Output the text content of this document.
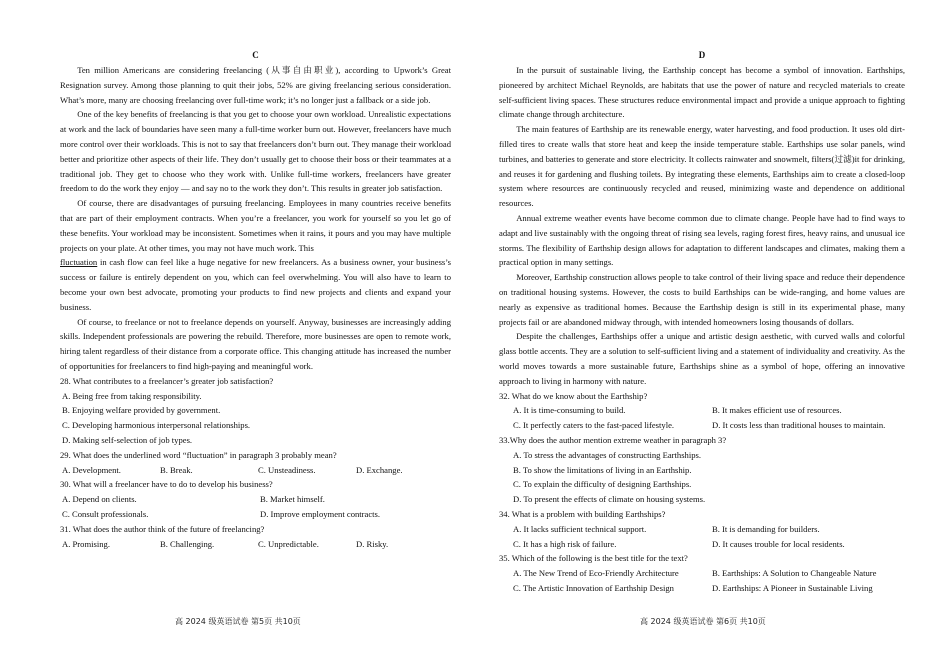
C

Ten million Americans are considering freelancing (从事自由职业), according to Upwork’s Great Resignation survey. Among those planning to quit their jobs, 52% are giving freelancing serious consideration. What’s more, many are choosing freelancing over full-time work; it’s no longer just a fallback or a side job.

One of the key benefits of freelancing is that you get to choose your own workload. Unrealistic expectations at work and the lack of boundaries have seen many a full-time worker burn out. However, freelancers have much more control over their workloads. This is not to say that freelancers don’t burn out. They manage their workload better and prioritize other aspects of their life. They don’t usually get to choose their boss or their teammates at a traditional job. They get to choose who they work with. Unlike full-time workers, freelancers have greater freedom to do the work they enjoy — and say no to the work they don’t. This results in greater job satisfaction.

Of course, there are disadvantages of pursuing freelancing. Employees in many countries receive benefits that are part of their employment contracts. When you’re a freelancer, you work for yourself so you let go of these benefits. Your workload may be inconsistent. Sometimes when it rains, it pours and you may have multiple projects on your plate. At other times, you may not have much work. This

fluctuation in cash flow can feel like a huge negative for new freelancers. As a business owner, your business’s success or failure is entirely dependent on you, which can feel overwhelming. You will also have to learn to become your own best advocate, promoting your products to find new projects and clients and expand your business.

Of course, to freelance or not to freelance depends on yourself. Anyway, businesses are increasingly adding skills. Independent professionals are powering the rebuild. Therefore, more businesses are open to remote work, hiring talent regardless of their distance from a corporate office. This changing attitude has increased the number of opportunities for freelancers to find high-paying and meaningful work.

28. What contributes to a freelancer’s greater job satisfaction?
A. Being free from taking responsibility.
B. Enjoying welfare provided by government.
C. Developing harmonious interpersonal relationships.
D. Making self-selection of job types.
29. What does the underlined word “fluctuation” in paragraph 3 probably mean?
A. Development.	B. Break.	C. Unsteadiness.	D. Exchange.
30. What will a freelancer have to do to develop his business?
A. Depend on clients.	B. Market himself.
C. Consult professionals.	D. Improve employment contracts.
31. What does the author think of the future of freelancing?
A. Promising.	B. Challenging.	C. Unpredictable.	D. Risky.
D

In the pursuit of sustainable living, the Earthship concept has become a symbol of innovation. Earthships, pioneered by architect Michael Reynolds, are habitats that use the power of nature and recycled materials to create self-sufficient living spaces. These structures reduce environmental impact and provide a unique approach to fighting climate change through architecture.

The main features of Earthship are its renewable energy, water harvesting, and food production. It uses old dirt-filled tires to create walls that store heat and keep the inside temperature stable. Earthships use solar panels, wind turbines, and batteries to generate and store electricity. It collects rainwater and snowmelt, filters(过滤)it for drinking, and reuses it for gardening and flushing toilets. By integrating these elements, Earthships aim to create a closed-loop system where resources are continuously recycled and reused, minimizing waste and dependence on additional resources.

Annual extreme weather events have become common due to climate change. People have had to find ways to adapt and live sustainably with the ongoing threat of rising sea levels, raging forest fires, heavy rains, and unusual ice storms. The flexibility of Earthship design allows for adaptation to different landscapes and climates, making them a practical option in many settings.

Moreover, Earthship construction allows people to take control of their living space and reduce their dependence on traditional housing systems. However, the costs to build Earthships can be wide-ranging, and home values are nearly as expensive as traditional homes. Because the Earthship design is still in its experimental phase, many projects fail or are abandoned midway through, with intended homeowners losing thousands of dollars.

Despite the challenges, Earthships offer a unique and artistic design aesthetic, with curved walls and colorful glass bottle accents. They are a solution to self-sufficient living and a statement of individuality and creativity. As the world moves towards a more sustainable future, Earthships shine as a symbol of hope, offering an innovative approach to living in harmony with nature.

32. What do we know about the Earthship?
A. It is time-consuming to build.	B. It makes efficient use of resources.
C. It perfectly caters to the fast-paced lifestyle.	D. It costs less than traditional houses to maintain.
33.Why does the author mention extreme weather in paragraph 3?
A. To stress the advantages of constructing Earthships.
B. To show the limitations of living in an Earthship.
C. To explain the difficulty of designing Earthships.
D. To present the effects of climate on housing systems.
34. What is a problem with building Earthships?
A. It lacks sufficient technical support.	B. It is demanding for builders.
C. It has a high risk of failure.	D. It causes trouble for local residents.
35. Which of the following is the best title for the text?
A. The New Trend of Eco-Friendly Architecture	B. Earthships: A Solution to Changeable Nature
C. The Artistic Innovation of Earthship Design	D. Earthships: A Pioneer in Sustainable Living
高 2024 级英语试卷 第5页 共10页	高 2024 级英语试卷 第6页 共10页
